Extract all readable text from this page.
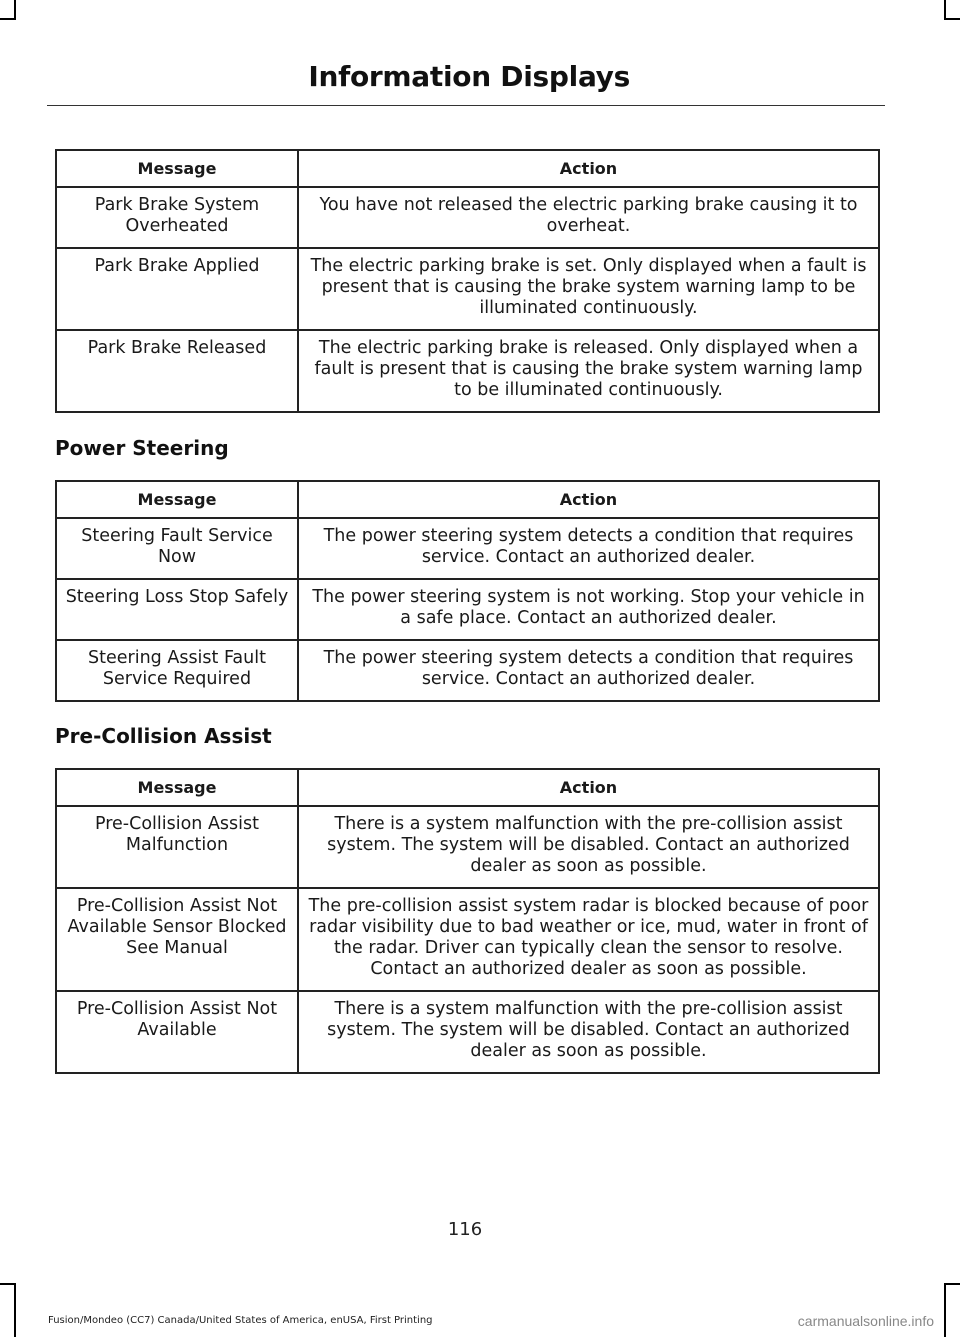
Information Displays
Message	Action
Park Brake System Overheated	You have not released the electric parking brake causing it to overheat.
Park Brake Applied	The electric parking brake is set. Only displayed when a fault is present that is causing the brake system warning lamp to be illuminated continuously.
Park Brake Released	The electric parking brake is released. Only displayed when a fault is present that is causing the brake system warning lamp to be illuminated continuously.
Power Steering
Message	Action
Steering Fault Service Now	The power steering system detects a condition that requires service. Contact an authorized dealer.
Steering Loss Stop Safely	The power steering system is not working. Stop your vehicle in a safe place. Contact an authorized dealer.
Steering Assist Fault Service Required	The power steering system detects a condition that requires service. Contact an authorized dealer.
Pre-Collision Assist
Message	Action
Pre-Collision Assist Malfunction	There is a system malfunction with the pre-collision assist system. The system will be disabled. Contact an authorized dealer as soon as possible.
Pre-Collision Assist Not Available Sensor Blocked See Manual	The pre-collision assist system radar is blocked because of poor radar visibility due to bad weather or ice, mud, water in front of the radar. Driver can typically clean the sensor to resolve. Contact an authorized dealer as soon as possible.
Pre-Collision Assist Not Available	There is a system malfunction with the pre-collision assist system. The system will be disabled. Contact an authorized dealer as soon as possible.
116
Fusion/Mondeo (CC7) Canada/United States of America, enUSA, First Printing	carmanualsonline.info
